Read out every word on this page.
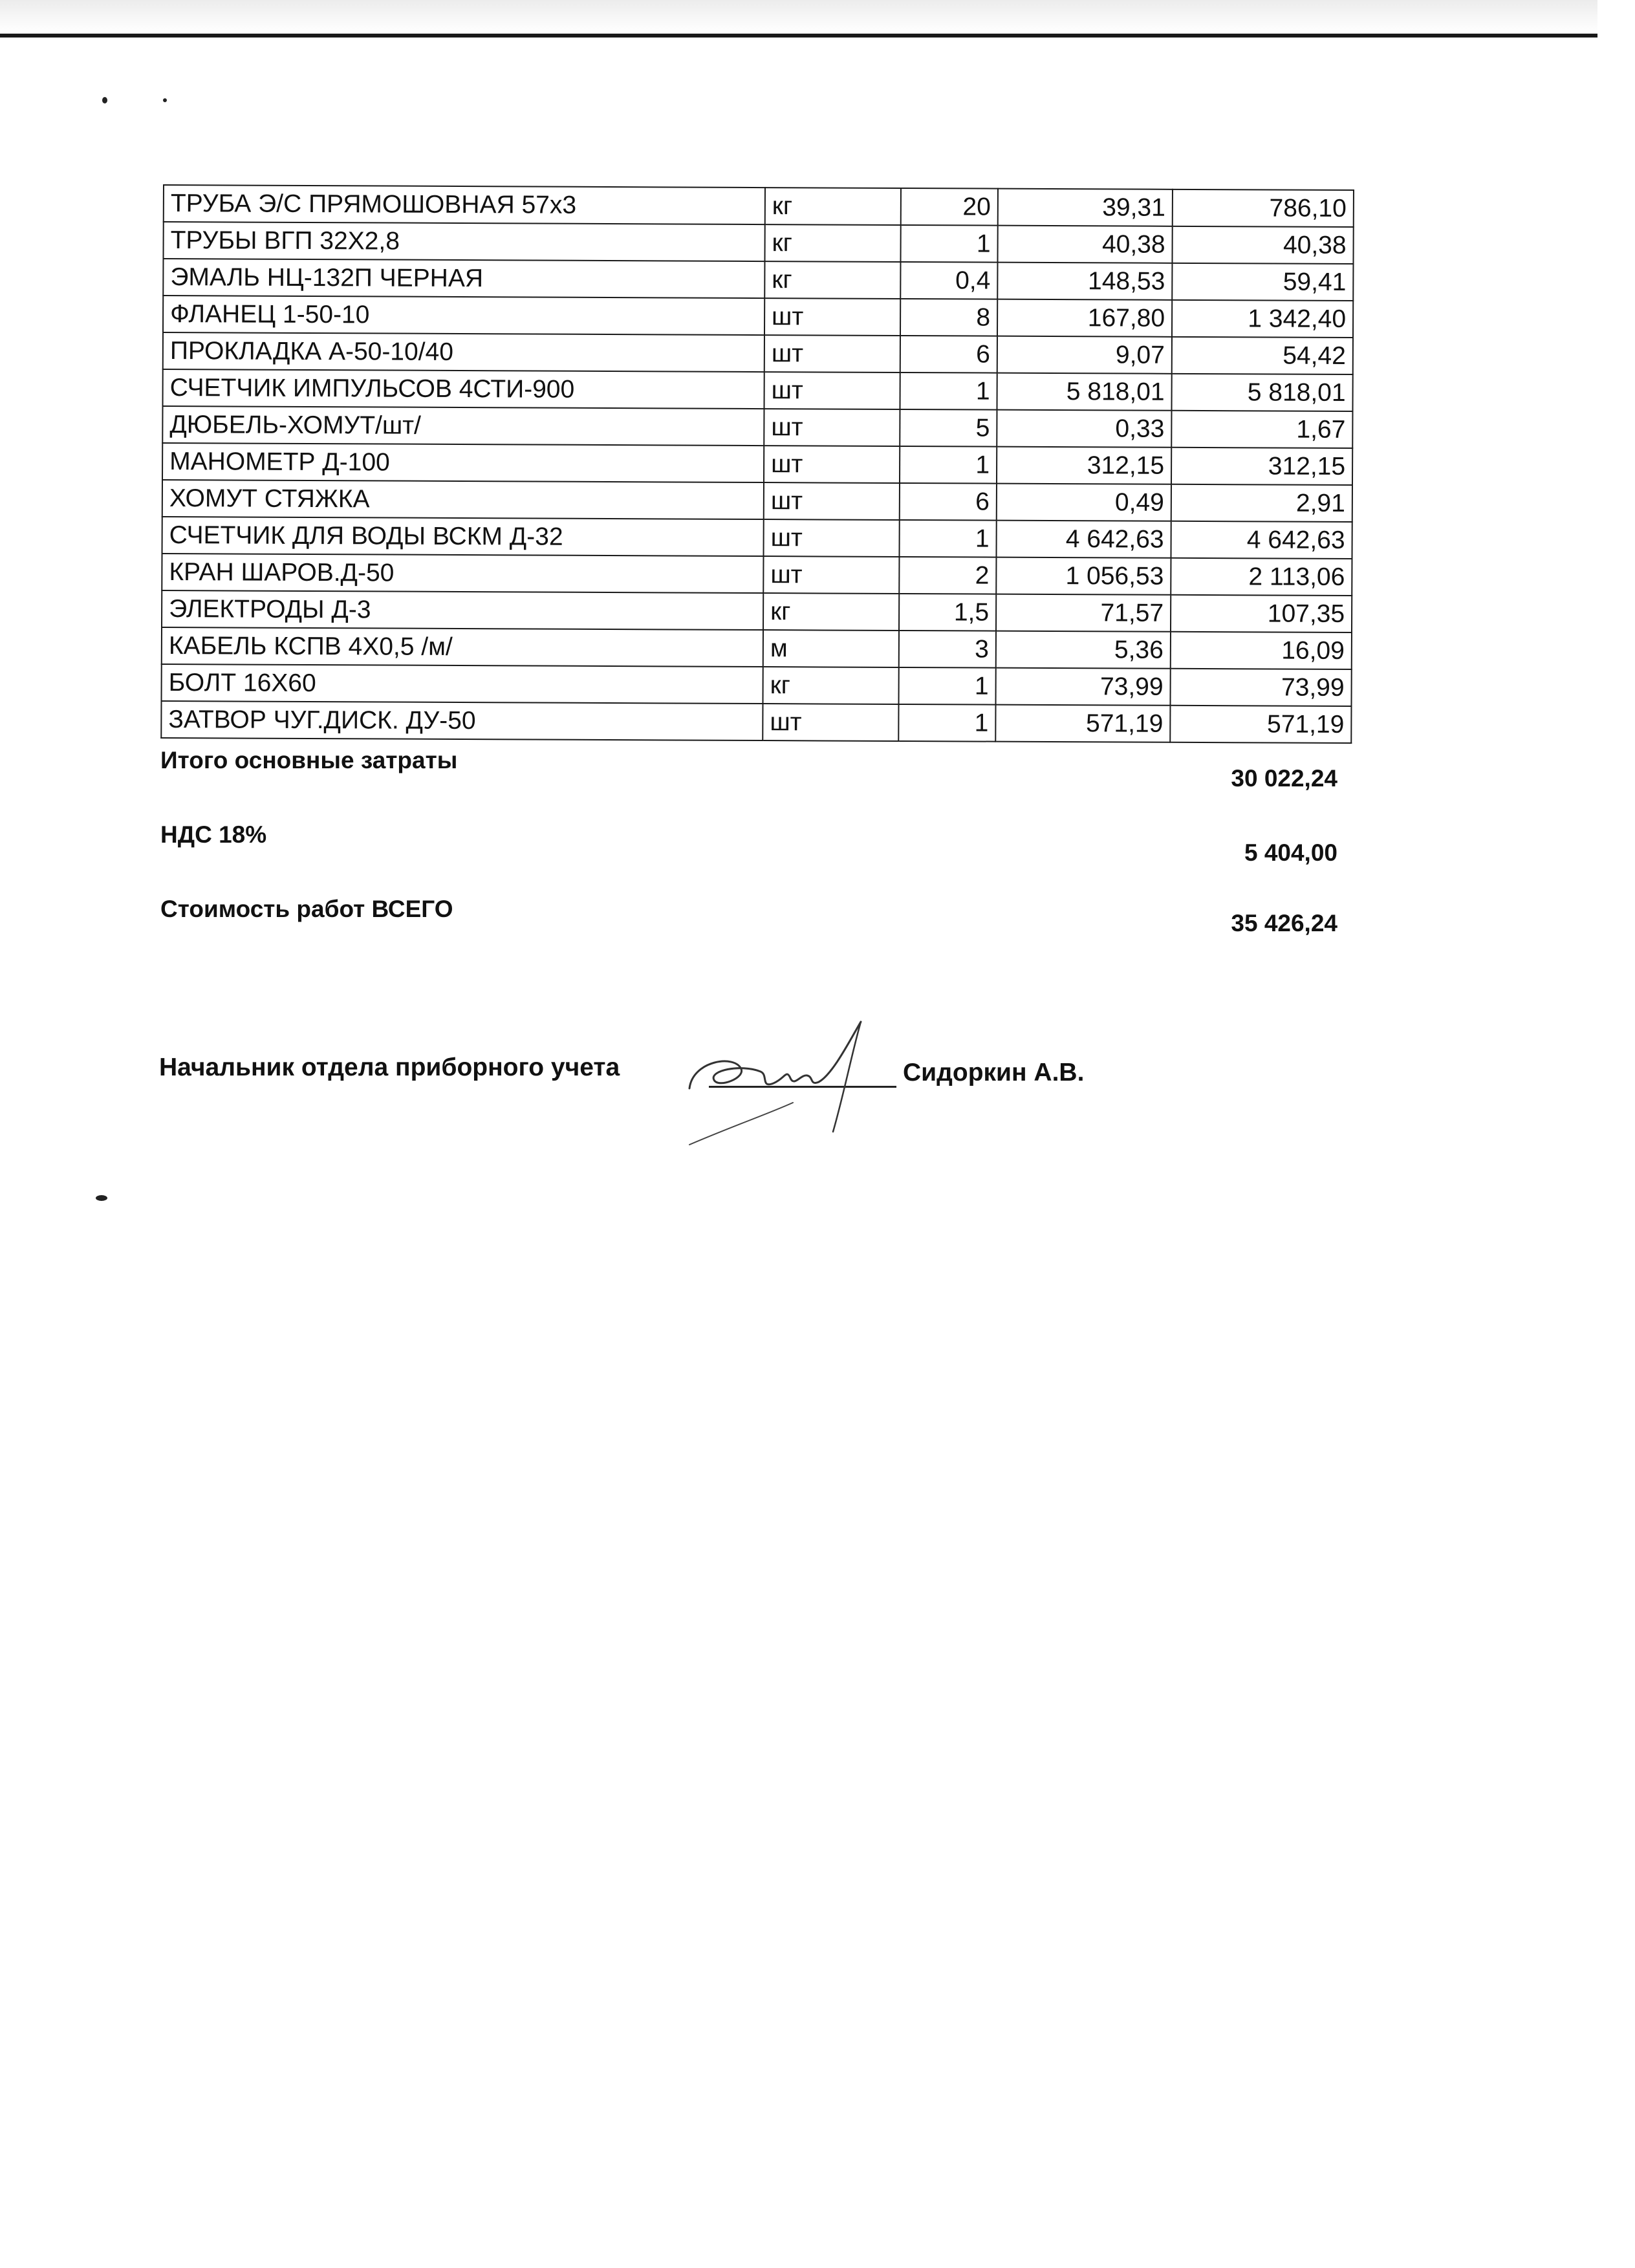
ТРУБА Э/С ПРЯМОШОВНАЯ 57х3	кг	20	39,31	786,10
ТРУБЫ ВГП 32Х2,8	кг	1	40,38	40,38
ЭМАЛЬ НЦ-132П ЧЕРНАЯ	кг	0,4	148,53	59,41
ФЛАНЕЦ 1-50-10	шт	8	167,80	1 342,40
ПРОКЛАДКА А-50-10/40	шт	6	9,07	54,42
СЧЕТЧИК ИМПУЛЬСОВ 4СТИ-900	шт	1	5 818,01	5 818,01
ДЮБЕЛЬ-ХОМУТ/шт/	шт	5	0,33	1,67
МАНОМЕТР Д-100	шт	1	312,15	312,15
ХОМУТ СТЯЖКА	шт	6	0,49	2,91
СЧЕТЧИК ДЛЯ ВОДЫ ВСКМ Д-32	шт	1	4 642,63	4 642,63
КРАН ШАРОВ.Д-50	шт	2	1 056,53	2 113,06
ЭЛЕКТРОДЫ Д-3	кг	1,5	71,57	107,35
КАБЕЛЬ КСПВ 4Х0,5 /м/	м	3	5,36	16,09
БОЛТ 16Х60	кг	1	73,99	73,99
ЗАТВОР ЧУГ.ДИСК. ДУ-50	шт	1	571,19	571,19
Итого основные затраты
30 022,24
НДС 18%
5 404,00
Стоимость работ ВСЕГО
35 426,24
Начальник отдела приборного учета	Сидоркин А.В.
